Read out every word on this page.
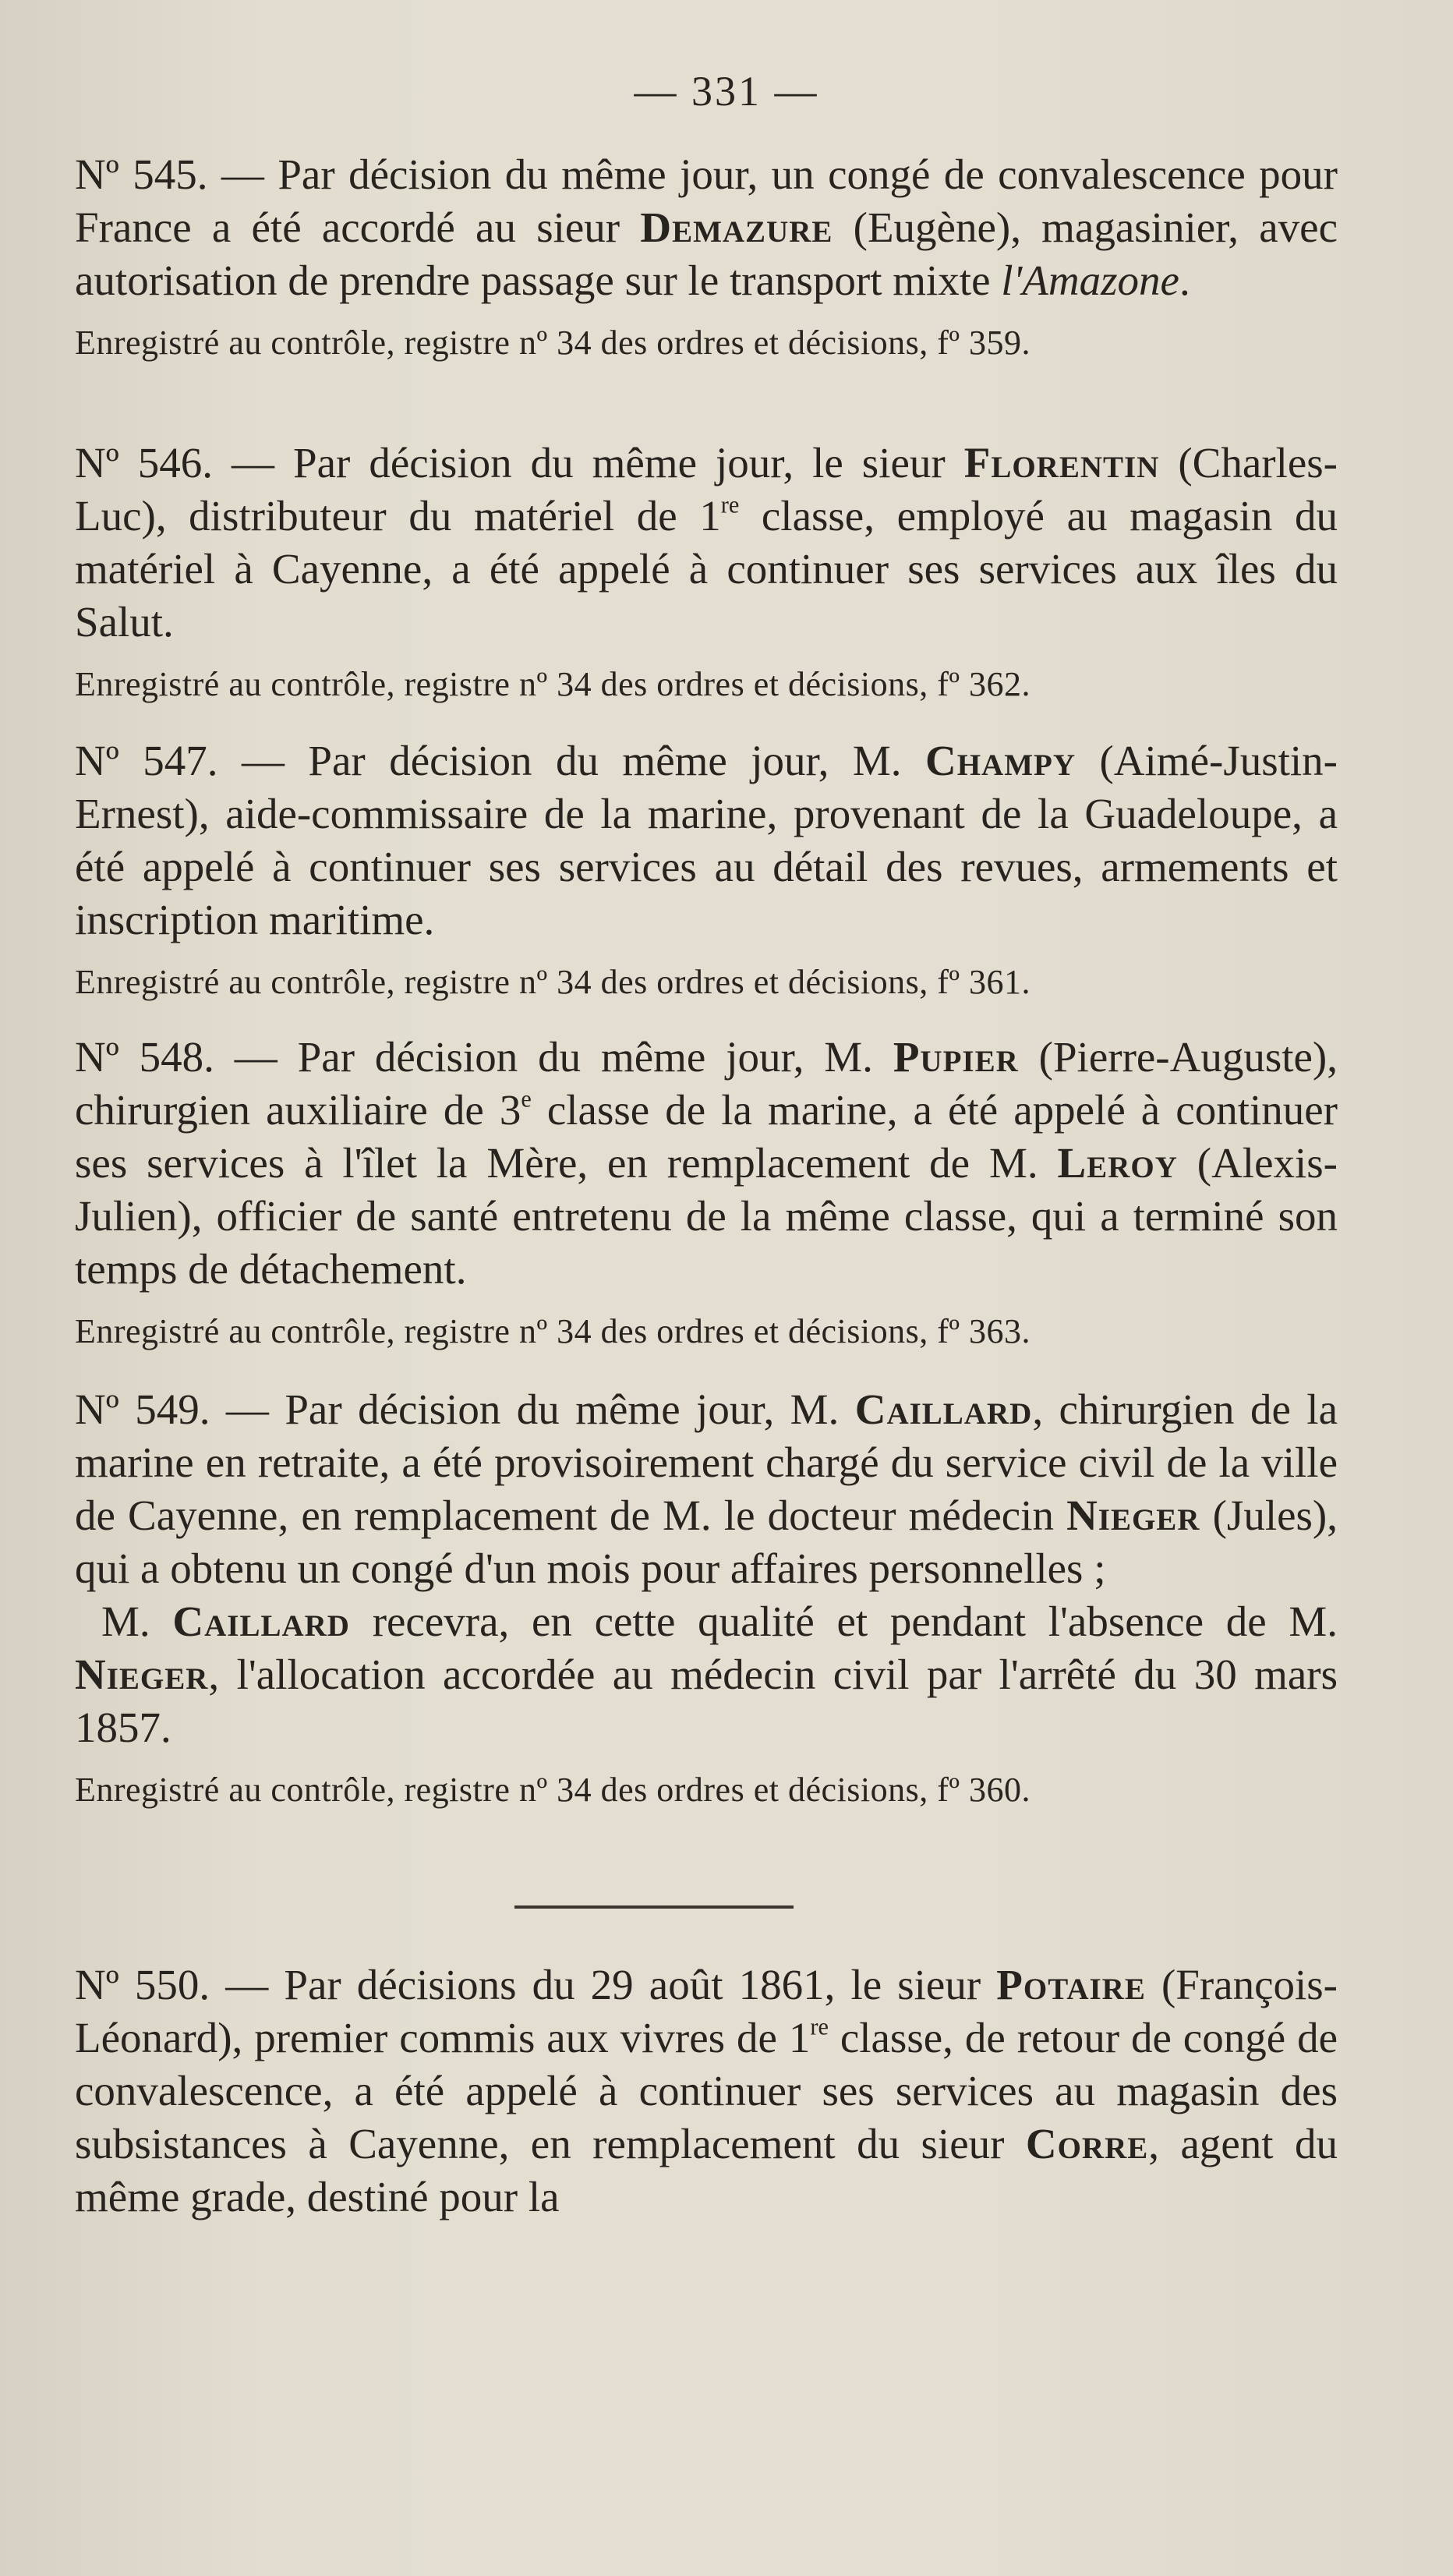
— 331 —

Nº 545. — Par décision du même jour, un congé de convalescence pour France a été accordé au sieur Demazure (Eugène), magasinier, avec autorisation de prendre passage sur le transport mixte l'Amazone.

Enregistré au contrôle, registre nº 34 des ordres et décisions, fº 359.

Nº 546. — Par décision du même jour, le sieur Florentin (Charles-Luc), distributeur du matériel de 1re classe, employé au magasin du matériel à Cayenne, a été appelé à continuer ses services aux îles du Salut.

Enregistré au contrôle, registre nº 34 des ordres et décisions, fº 362.

Nº 547. — Par décision du même jour, M. Champy (Aimé-Justin-Ernest), aide-commissaire de la marine, provenant de la Guadeloupe, a été appelé à continuer ses services au détail des revues, armements et inscription maritime.

Enregistré au contrôle, registre nº 34 des ordres et décisions, fº 361.

Nº 548. — Par décision du même jour, M. Pupier (Pierre-Auguste), chirurgien auxiliaire de 3e classe de la marine, a été appelé à continuer ses services à l'îlet la Mère, en remplacement de M. Leroy (Alexis-Julien), officier de santé entretenu de la même classe, qui a terminé son temps de détachement.

Enregistré au contrôle, registre nº 34 des ordres et décisions, fº 363.

Nº 549. — Par décision du même jour, M. Caillard, chirurgien de la marine en retraite, a été provisoirement chargé du service civil de la ville de Cayenne, en remplacement de M. le docteur médecin Nieger (Jules), qui a obtenu un congé d'un mois pour affaires personnelles ;

M. Caillard recevra, en cette qualité et pendant l'absence de M. Nieger, l'allocation accordée au médecin civil par l'arrêté du 30 mars 1857.

Enregistré au contrôle, registre nº 34 des ordres et décisions, fº 360.

Nº 550. — Par décisions du 29 août 1861, le sieur Potaire (François-Léonard), premier commis aux vivres de 1re classe, de retour de congé de convalescence, a été appelé à continuer ses services au magasin des subsistances à Cayenne, en remplacement du sieur Corre, agent du même grade, destiné pour la
